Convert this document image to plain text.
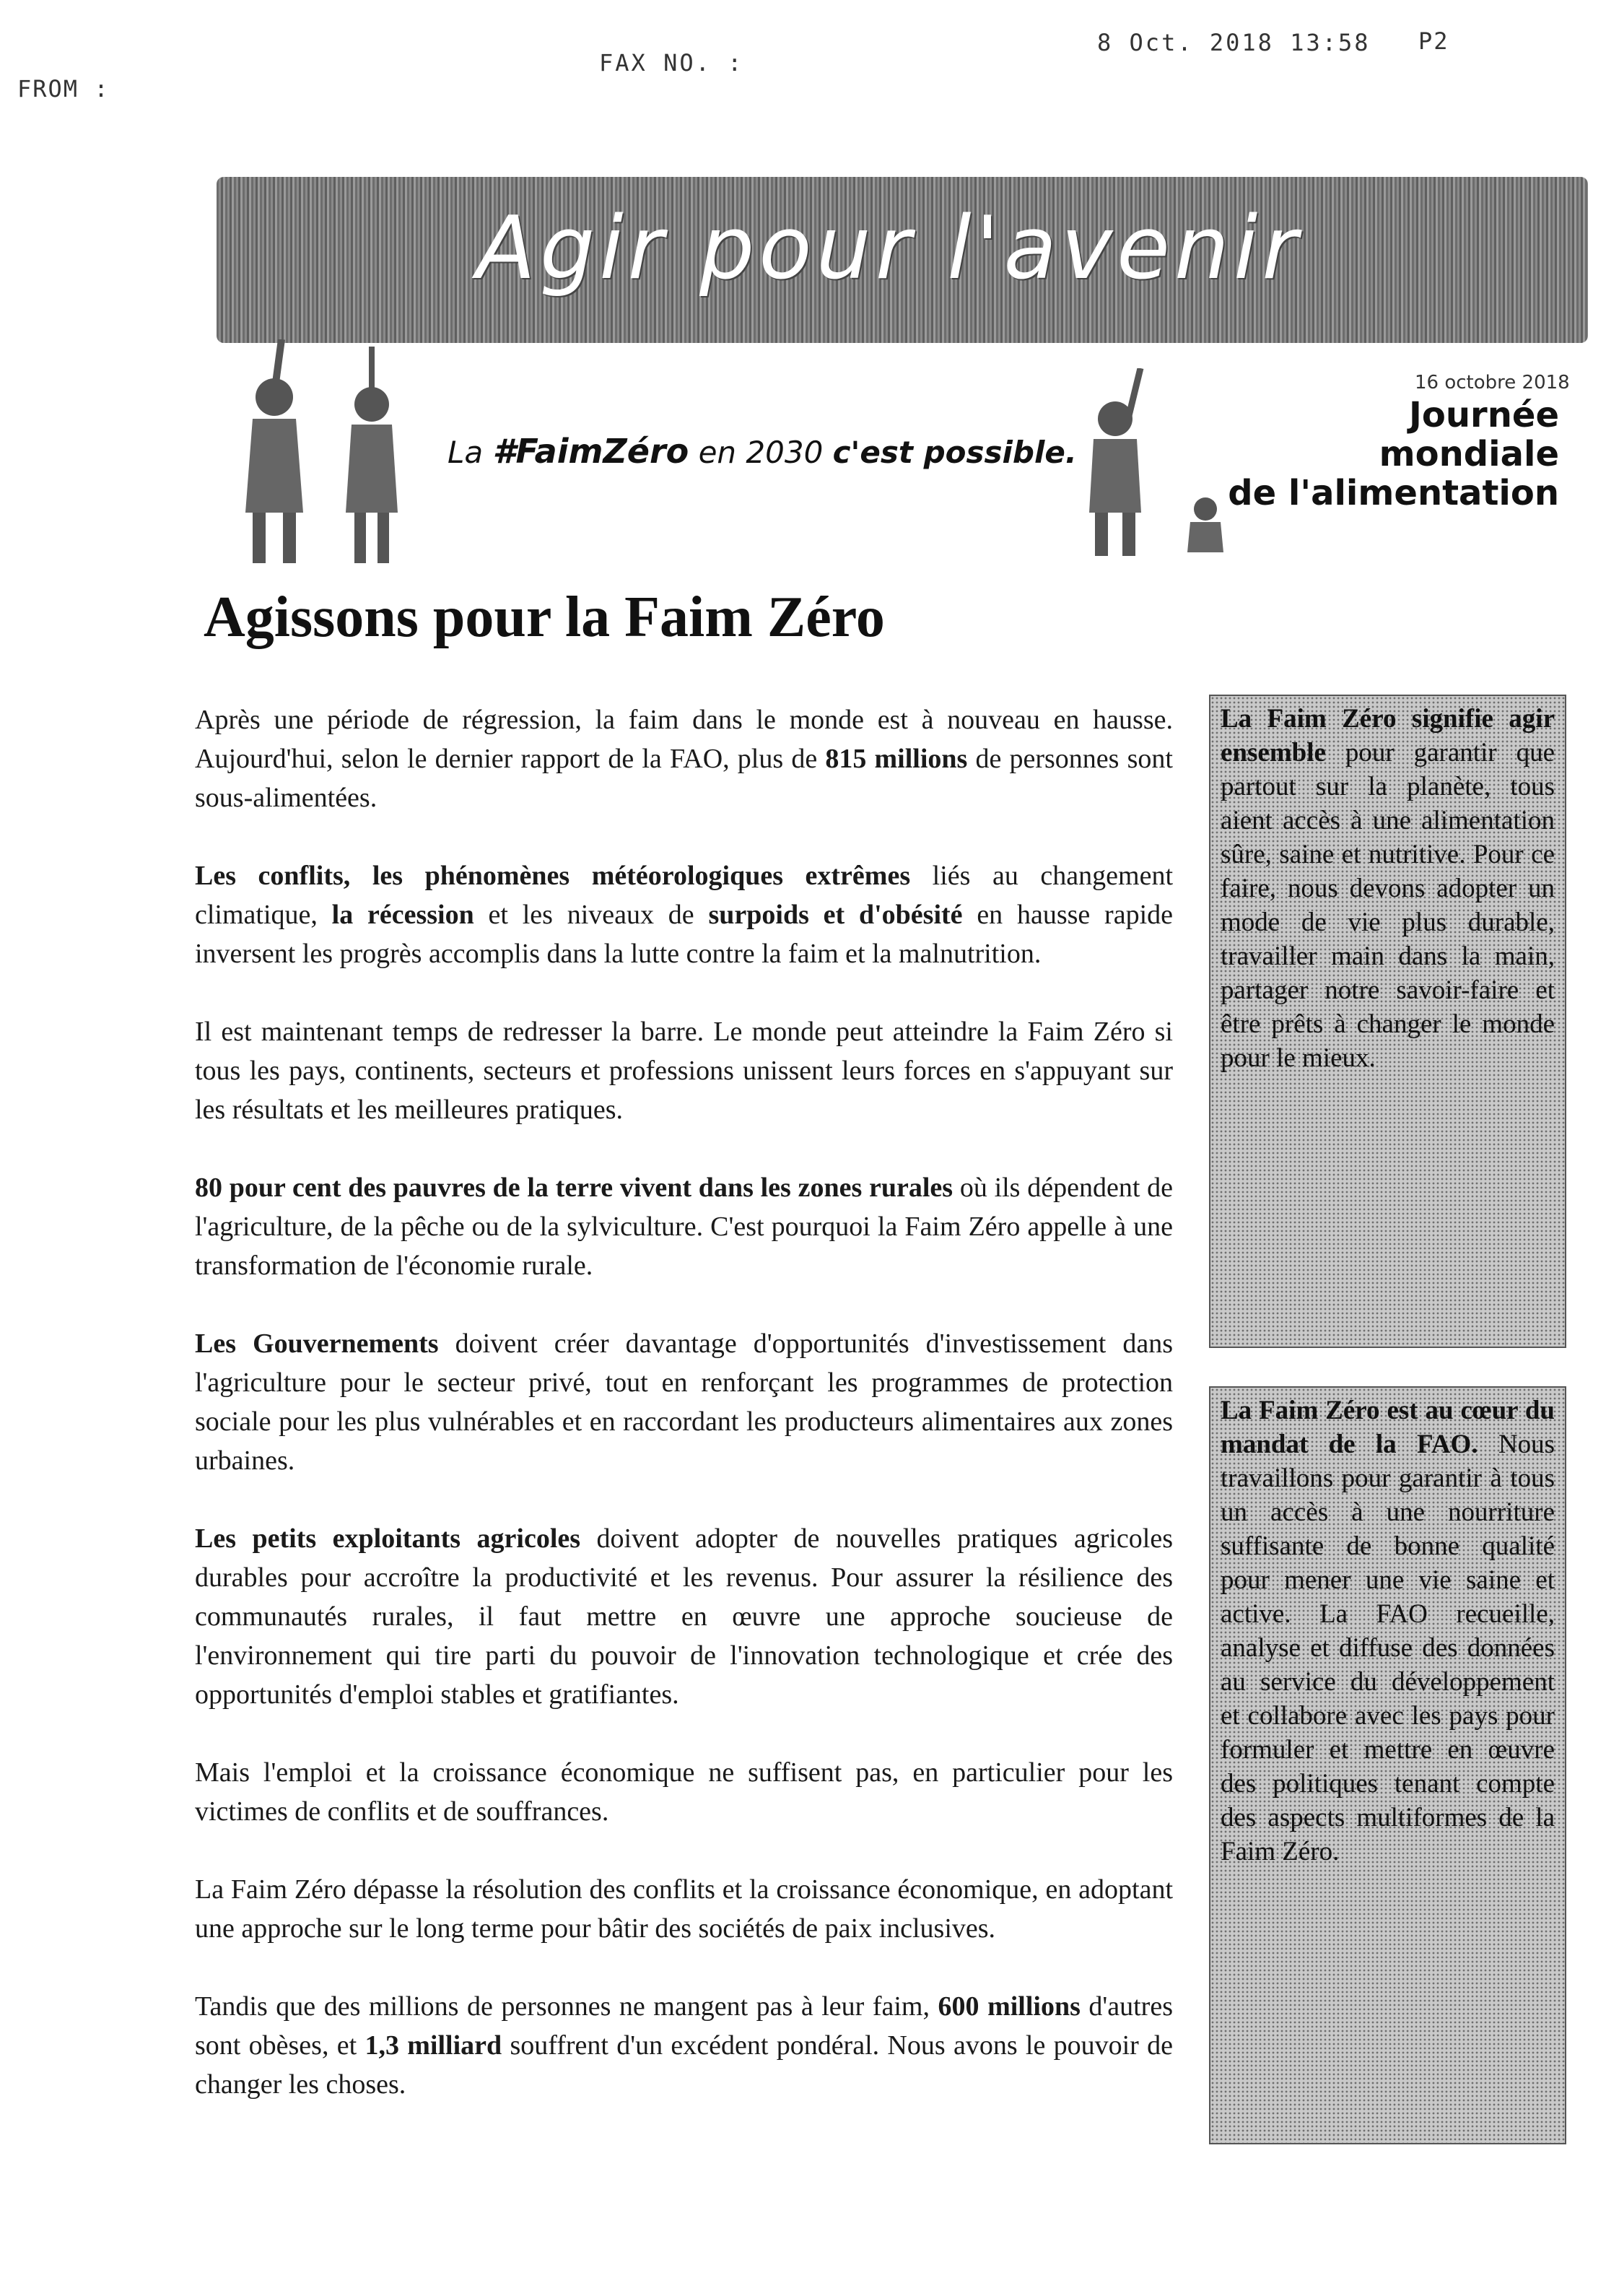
FROM :
FAX NO. :
8 Oct. 2018 13:58 P2
Agir pour l'avenir
La #FaimZéro en 2030 c'est possible.
16 octobre 2018
Journée
mondiale
de l'alimentation
Agissons pour la Faim Zéro

Après une période de régression, la faim dans le monde est à nouveau en hausse. Aujourd'hui, selon le dernier rapport de la FAO, plus de 815 millions de personnes sont sous-alimentées.

Les conflits, les phénomènes météorologiques extrêmes liés au changement climatique, la récession et les niveaux de surpoids et d'obésité en hausse rapide inversent les progrès accomplis dans la lutte contre la faim et la malnutrition.

Il est maintenant temps de redresser la barre. Le monde peut atteindre la Faim Zéro si tous les pays, continents, secteurs et professions unissent leurs forces en s'appuyant sur les résultats et les meilleures pratiques.

80 pour cent des pauvres de la terre vivent dans les zones rurales où ils dépendent de l'agriculture, de la pêche ou de la sylviculture. C'est pourquoi la Faim Zéro appelle à une transformation de l'économie rurale.

Les Gouvernements doivent créer davantage d'opportunités d'investissement dans l'agriculture pour le secteur privé, tout en renforçant les programmes de protection sociale pour les plus vulnérables et en raccordant les producteurs alimentaires aux zones urbaines.

Les petits exploitants agricoles doivent adopter de nouvelles pratiques agricoles durables pour accroître la productivité et les revenus. Pour assurer la résilience des communautés rurales, il faut mettre en œuvre une approche soucieuse de l'environnement qui tire parti du pouvoir de l'innovation technologique et crée des opportunités d'emploi stables et gratifiantes.

Mais l'emploi et la croissance économique ne suffisent pas, en particulier pour les victimes de conflits et de souffrances.

La Faim Zéro dépasse la résolution des conflits et la croissance économique, en adoptant une approche sur le long terme pour bâtir des sociétés de paix inclusives.

Tandis que des millions de personnes ne mangent pas à leur faim, 600 millions d'autres sont obèses, et 1,3 milliard souffrent d'un excédent pondéral. Nous avons le pouvoir de changer les choses.

La Faim Zéro signifie agir ensemble pour garantir que partout sur la planète, tous aient accès à une alimentation sûre, saine et nutritive. Pour ce faire, nous devons adopter un mode de vie plus durable, travailler main dans la main, partager notre savoir-faire et être prêts à changer le monde pour le mieux.
La Faim Zéro est au cœur du mandat de la FAO. Nous travaillons pour garantir à tous un accès à une nourriture suffisante de bonne qualité pour mener une vie saine et active. La FAO recueille, analyse et diffuse des données au service du développement et collabore avec les pays pour formuler et mettre en œuvre des politiques tenant compte des aspects multiformes de la Faim Zéro.
